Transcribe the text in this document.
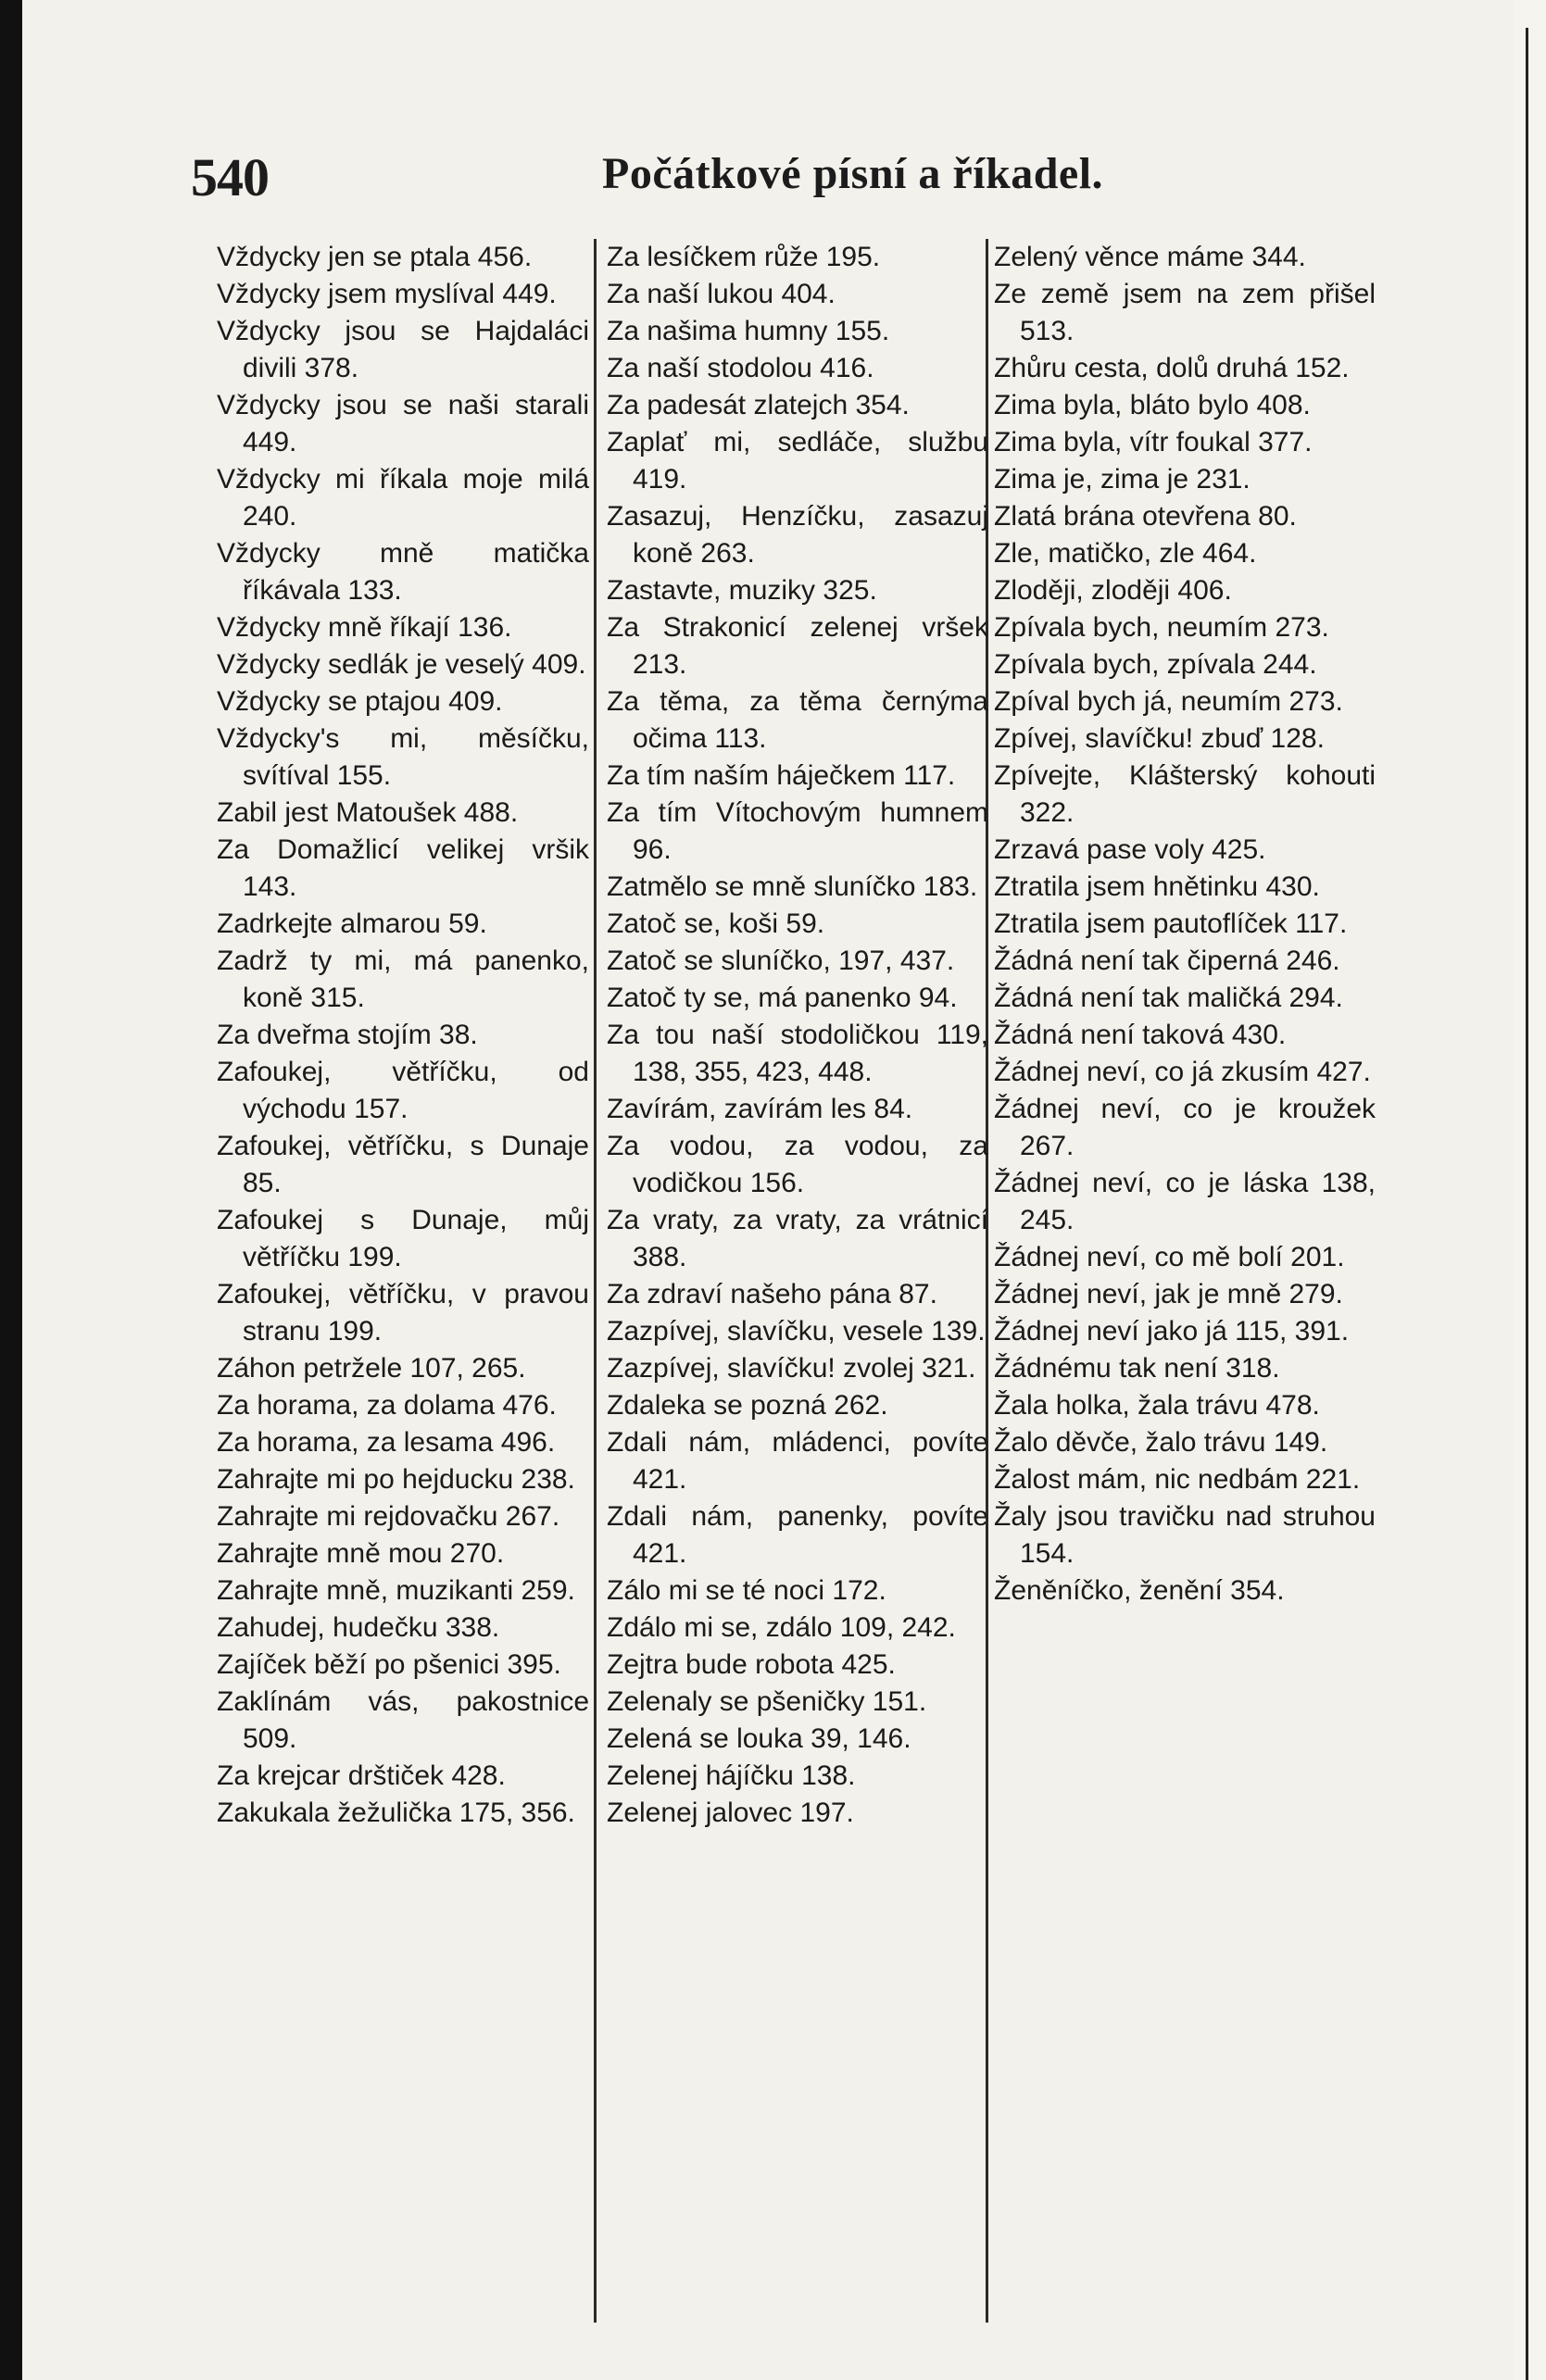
540	Počátkové písní a říkadel.
Vždycky jen se ptala 456.
Vždycky jsem myslíval 449.
Vždycky jsou se Hajdaláci divili 378.
Vždycky jsou se naši starali 449.
Vždycky mi říkala moje milá 240.
Vždycky mně matička říkávala 133.
Vždycky mně říkají 136.
Vždycky sedlák je veselý 409.
Vždycky se ptajou 409.
Vždycky's mi, měsíčku, svítíval 155.
Zabil jest Matoušek 488.
Za Domažlicí velikej vršik 143.
Zadrkejte almarou 59.
Zadrž ty mi, má panenko, koně 315.
Za dveřma stojím 38.
Zafoukej, větříčku, od východu 157.
Zafoukej, větříčku, s Dunaje 85.
Zafoukej s Dunaje, můj větříčku 199.
Zafoukej, větříčku, v pravou stranu 199.
Záhon petržele 107, 265.
Za horama, za dolama 476.
Za horama, za lesama 496.
Zahrajte mi po hejducku 238.
Zahrajte mi rejdovačku 267.
Zahrajte mně mou 270.
Zahrajte mně, muzikanti 259.
Zahudej, hudečku 338.
Zajíček běží po pšenici 395.
Zaklínám vás, pakostnice 509.
Za krejcar drštiček 428.
Zakukala žežulička 175, 356.
Za lesíčkem růže 195.
Za naší lukou 404.
Za našima humny 155.
Za naší stodolou 416.
Za padesát zlatejch 354.
Zaplať mi, sedláče, službu 419.
Zasazuj, Henzíčku, zasazuj koně 263.
Zastavte, muziky 325.
Za Strakonicí zelenej vršek 213.
Za těma, za těma černýma očima 113.
Za tím naším háječkem 117.
Za tím Vítochovým humnem 96.
Zatmělo se mně sluníčko 183.
Zatoč se, koši 59.
Zatoč se sluníčko, 197, 437.
Zatoč ty se, má panenko 94.
Za tou naší stodoličkou 119, 138, 355, 423, 448.
Zavírám, zavírám les 84.
Za vodou, za vodou, za vodičkou 156.
Za vraty, za vraty, za vrátnicí 388.
Za zdraví našeho pána 87.
Zazpívej, slavíčku, vesele 139.
Zazpívej, slavíčku! zvolej 321.
Zdaleka se pozná 262.
Zdali nám, mládenci, povíte 421.
Zdali nám, panenky, povíte 421.
Zálo mi se té noci 172.
Zdálo mi se, zdálo 109, 242.
Zejtra bude robota 425.
Zelenaly se pšeničky 151.
Zelená se louka 39, 146.
Zelenej hájíčku 138.
Zelenej jalovec 197.
Zelený věnce máme 344.
Ze země jsem na zem přišel 513.
Zhůru cesta, dolů druhá 152.
Zima byla, bláto bylo 408.
Zima byla, vítr foukal 377.
Zima je, zima je 231.
Zlatá brána otevřena 80.
Zle, matičko, zle 464.
Zloději, zloději 406.
Zpívala bych, neumím 273.
Zpívala bych, zpívala 244.
Zpíval bych já, neumím 273.
Zpívej, slavíčku! zbuď 128.
Zpívejte, Klášterský kohouti 322.
Zrzavá pase voly 425.
Ztratila jsem hnětinku 430.
Ztratila jsem pautoflíček 117.
Žádná není tak čiperná 246.
Žádná není tak maličká 294.
Žádná není taková 430.
Žádnej neví, co já zkusím 427.
Žádnej neví, co je kroužek 267.
Žádnej neví, co je láska 138, 245.
Žádnej neví, co mě bolí 201.
Žádnej neví, jak je mně 279.
Žádnej neví jako já 115, 391.
Žádnému tak není 318.
Žala holka, žala trávu 478.
Žalo děvče, žalo trávu 149.
Žalost mám, nic nedbám 221.
Žaly jsou travičku nad struhou 154.
Ženěníčko, ženění 354.
